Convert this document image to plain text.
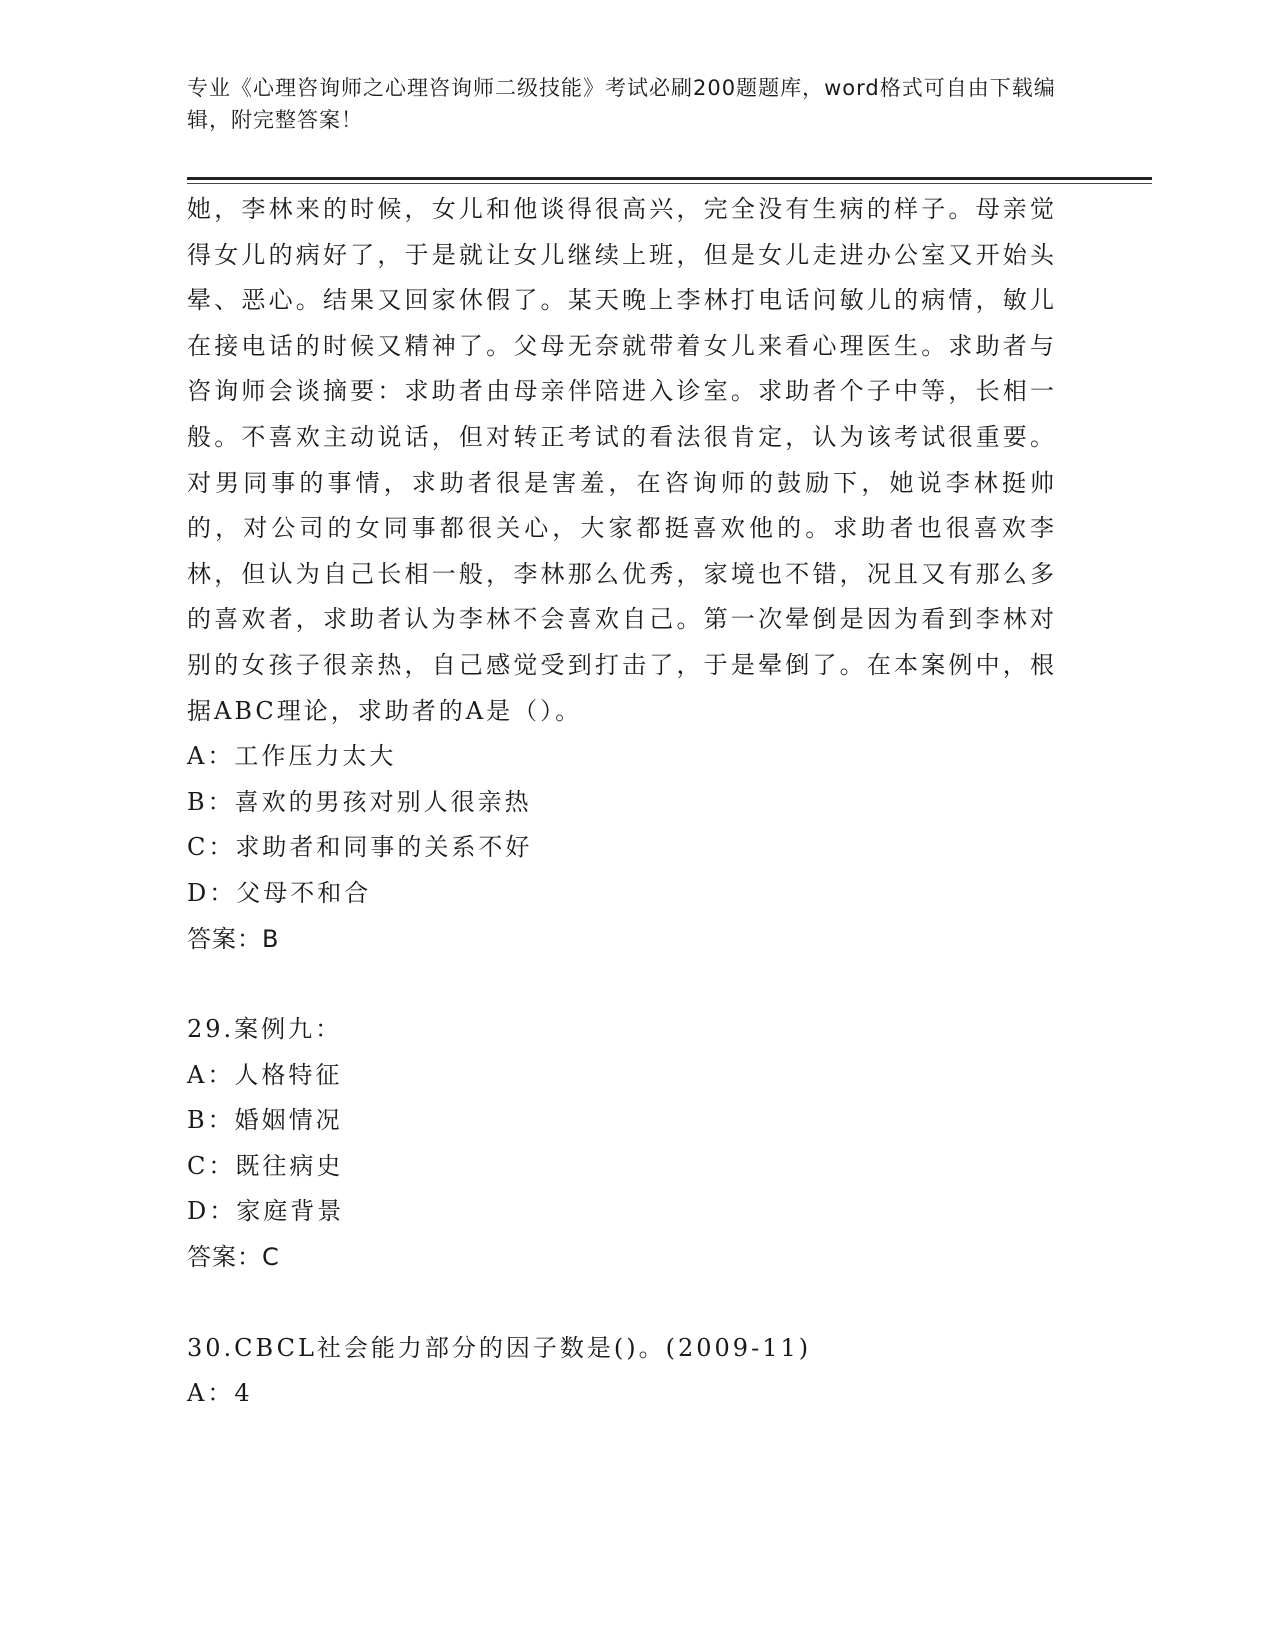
专业《心理咨询师之心理咨询师二级技能》考试必刷200题题库，word格式可自由下载编辑，附完整答案！

她，李林来的时候，女儿和他谈得很高兴，完全没有生病的样子。母亲觉得女儿的病好了，于是就让女儿继续上班，但是女儿走进办公室又开始头晕、恶心。结果又回家休假了。某天晚上李林打电话问敏儿的病情，敏儿在接电话的时候又精神了。父母无奈就带着女儿来看心理医生。求助者与咨询师会谈摘要：求助者由母亲伴陪进入诊室。求助者个子中等，长相一般。不喜欢主动说话，但对转正考试的看法很肯定，认为该考试很重要。对男同事的事情，求助者很是害羞，在咨询师的鼓励下，她说李林挺帅的，对公司的女同事都很关心，大家都挺喜欢他的。求助者也很喜欢李林，但认为自己长相一般，李林那么优秀，家境也不错，况且又有那么多的喜欢者，求助者认为李林不会喜欢自己。第一次晕倒是因为看到李林对别的女孩子很亲热，自己感觉受到打击了，于是晕倒了。在本案例中，根据ABC理论，求助者的A是（）。

A：工作压力太大

B：喜欢的男孩对别人很亲热

C：求助者和同事的关系不好

D：父母不和合

答案：B

29.案例九：

A：人格特征

B：婚姻情况

C：既往病史

D：家庭背景

答案：C

30.CBCL社会能力部分的因子数是()。(2009-11)

A：4
